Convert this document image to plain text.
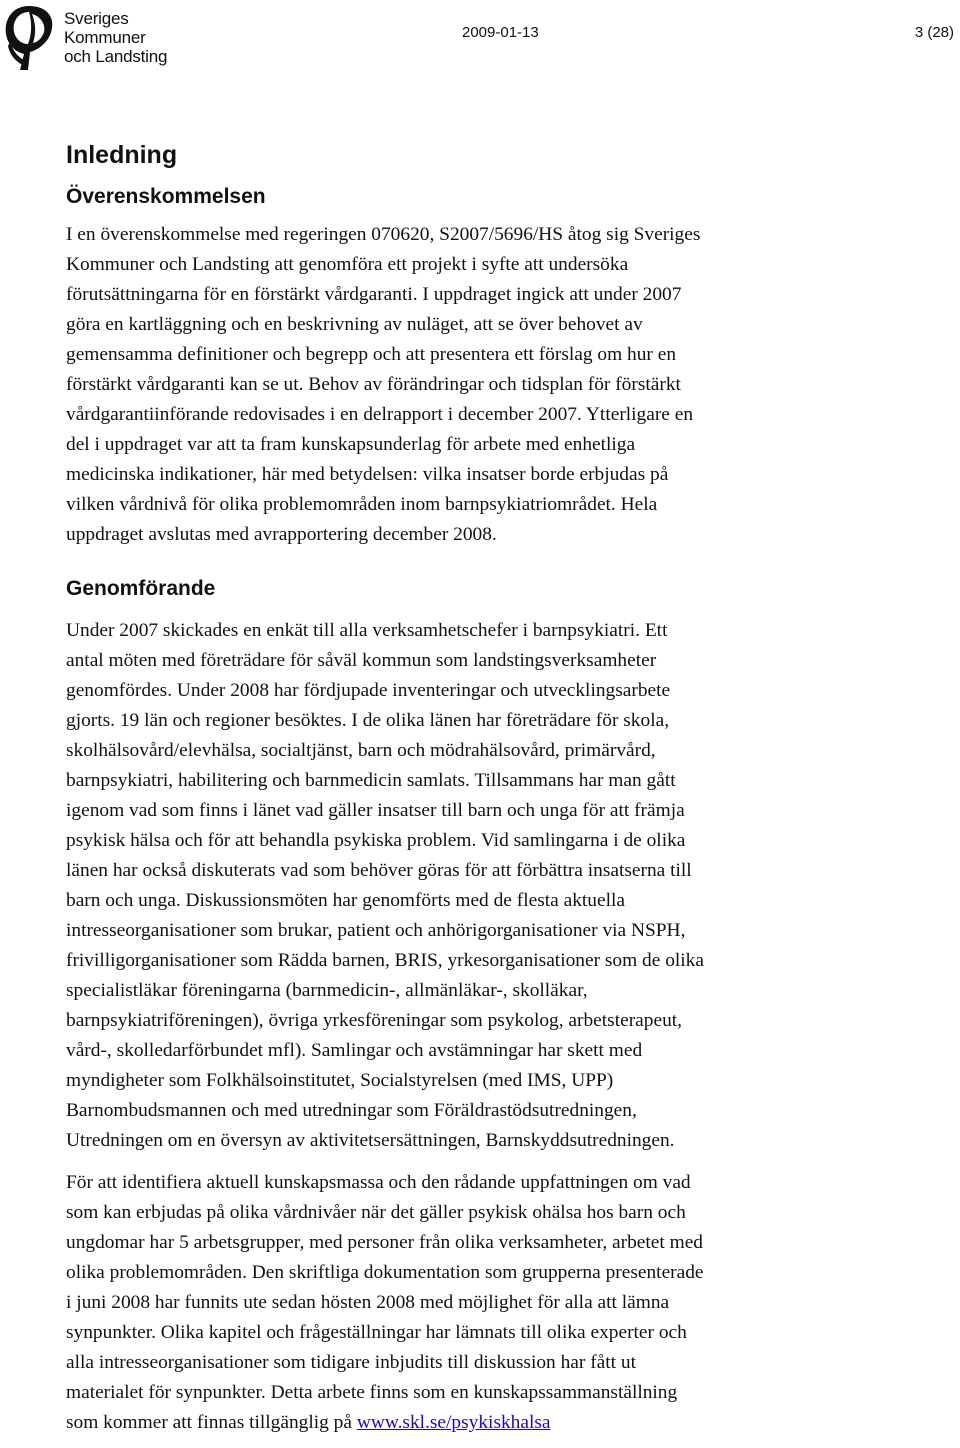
Sveriges
Kommuner
och Landsting
2009-01-13	3 (28)
Inledning
Överenskommelsen

I en överenskommelse med regeringen 070620, S2007/5696/HS åtog sig Sveriges

Kommuner och Landsting att genomföra ett projekt i syfte att undersöka

förutsättningarna för en förstärkt vårdgaranti. I uppdraget ingick att under 2007

göra en kartläggning och en beskrivning av nuläget, att se över behovet av

gemensamma definitioner och begrepp och att presentera ett förslag om hur en

förstärkt vårdgaranti kan se ut. Behov av förändringar och tidsplan för förstärkt

vårdgarantiinförande redovisades i en delrapport i december 2007. Ytterligare en

del i uppdraget var att ta fram kunskapsunderlag för arbete med enhetliga

medicinska indikationer, här med betydelsen: vilka insatser borde erbjudas på

vilken vårdnivå för olika problemområden inom barnpsykiatriområdet. Hela

uppdraget avslutas med avrapportering december 2008.

Genomförande

Under 2007 skickades en enkät till alla verksamhetschefer i barnpsykiatri. Ett

antal möten med företrädare för såväl kommun som landstingsverksamheter

genomfördes. Under 2008 har fördjupade inventeringar och utvecklingsarbete

gjorts. 19 län och regioner besöktes. I de olika länen har företrädare för skola,

skolhälsovård/elevhälsa, socialtjänst, barn och mödrahälsovård, primärvård,

barnpsykiatri, habilitering och barnmedicin samlats. Tillsammans har man gått

igenom vad som finns i länet vad gäller insatser till barn och unga för att främja

psykisk hälsa och för att behandla psykiska problem. Vid samlingarna i de olika

länen har också diskuterats vad som behöver göras för att förbättra insatserna till

barn och unga. Diskussionsmöten har genomförts med de flesta aktuella

intresseorganisationer som brukar, patient och anhörigorganisationer via NSPH,

frivilligorganisationer som Rädda barnen, BRIS, yrkesorganisationer som de olika

specialistläkar föreningarna (barnmedicin-, allmänläkar-, skolläkar,

barnpsykiatriföreningen), övriga yrkesföreningar som psykolog, arbetsterapeut,

vård-, skolledarförbundet mfl). Samlingar och avstämningar har skett med

myndigheter som Folkhälsoinstitutet, Socialstyrelsen (med IMS, UPP)

Barnombudsmannen och med utredningar som Föräldrastödsutredningen,

Utredningen om en översyn av aktivitetsersättningen, Barnskyddsutredningen.

För att identifiera aktuell kunskapsmassa och den rådande uppfattningen om vad

som kan erbjudas på olika vårdnivåer när det gäller psykisk ohälsa hos barn och

ungdomar har 5 arbetsgrupper, med personer från olika verksamheter, arbetet med

olika problemområden. Den skriftliga dokumentation som grupperna presenterade

i juni 2008 har funnits ute sedan hösten 2008 med möjlighet för alla att lämna

synpunkter. Olika kapitel och frågeställningar har lämnats till olika experter och

alla intresseorganisationer som tidigare inbjudits till diskussion har fått ut

materialet för synpunkter. Detta arbete finns som en kunskapssammanställning

som kommer att finnas tillgänglig på www.skl.se/psykiskhalsa
